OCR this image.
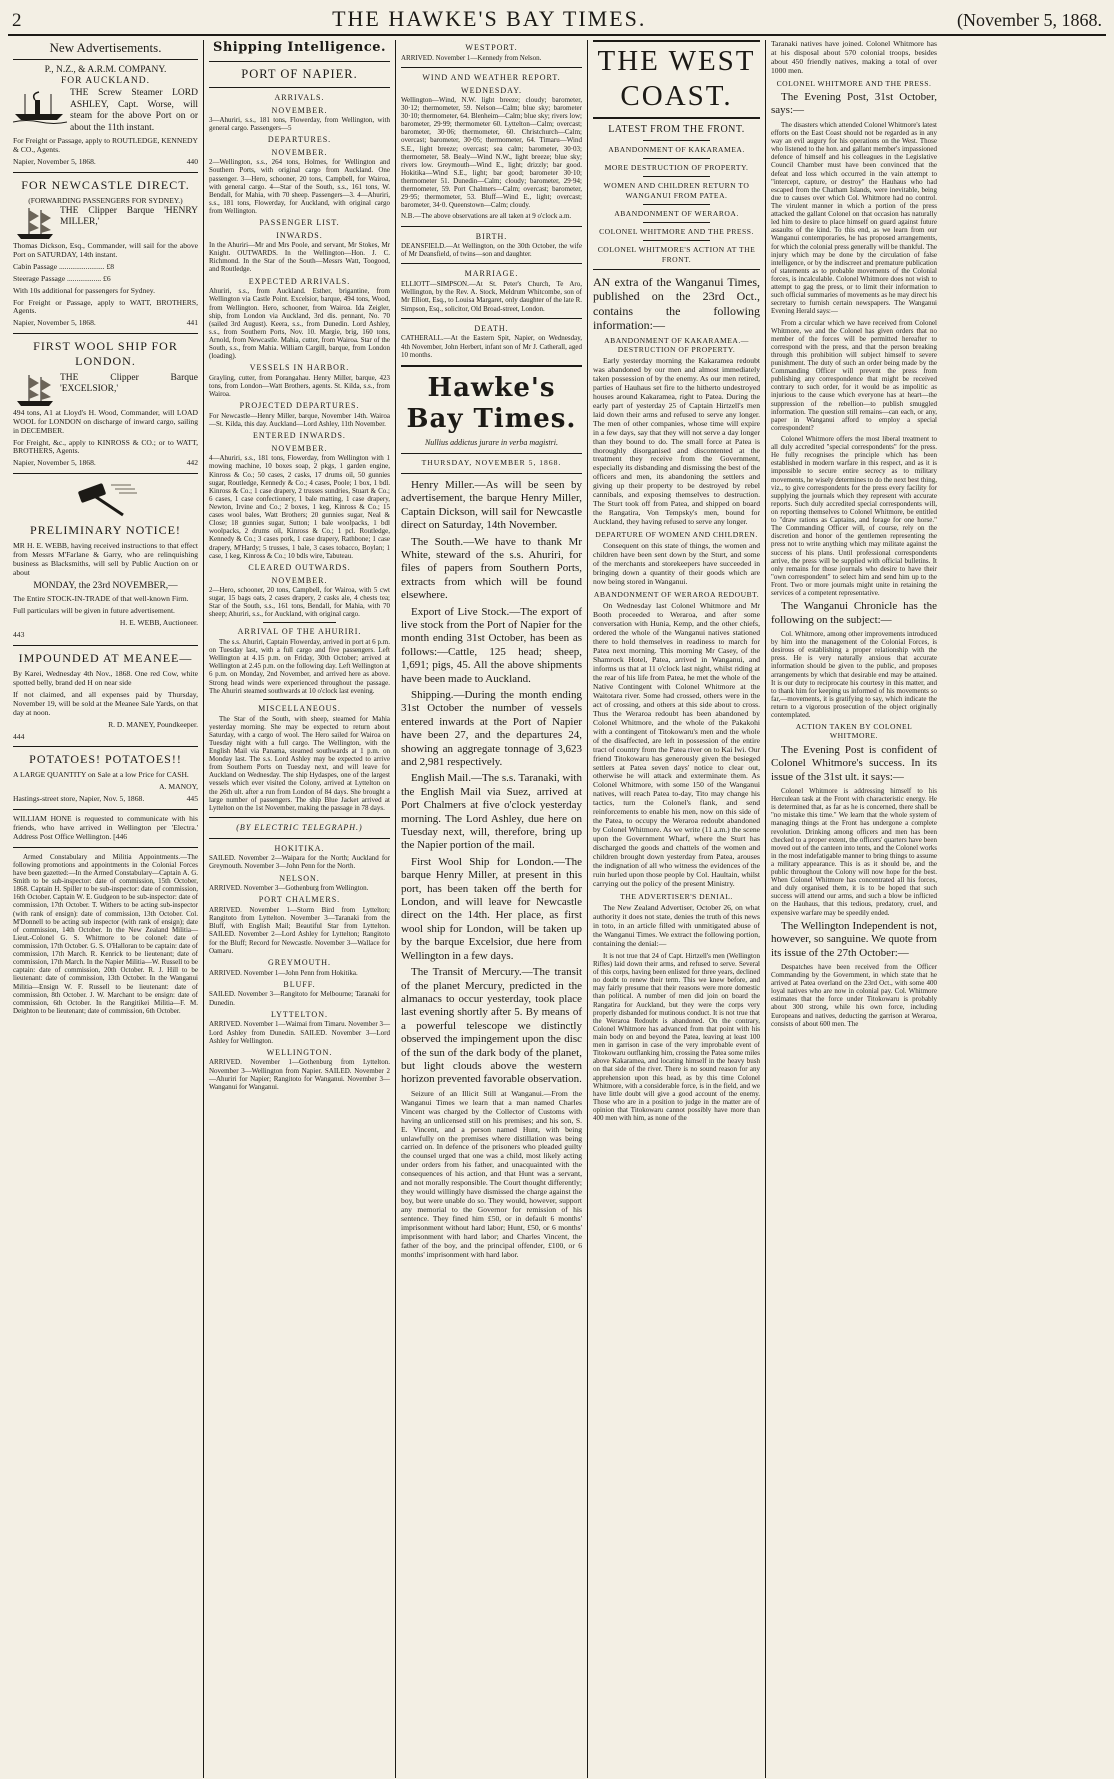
2	THE HAWKE'S BAY TIMES.	(November 5, 1868.
New Advertisements.
P., N.Z., & A.R.M. COMPANY.
FOR AUCKLAND.

THE Screw Steamer LORD ASHLEY, Capt. Worse, will steam for the above Port on or about the 11th instant.

For Freight or Passage, apply to ROUTLEDGE, KENNEDY & CO., Agents.

Napier, November 5, 1868.	440

FOR NEWCASTLE DIRECT.
(FORWARDING PASSENGERS FOR SYDNEY.)

THE Clipper Barque 'HENRY MILLER,'

Thomas Dickson, Esq., Commander, will sail for the above Port on SATURDAY, 14th instant.

Cabin Passage ........................ £8

Steerage Passage .................. £6

With 10s additional for passengers for Sydney.

For Freight or Passage, apply to WATT, BROTHERS, Agents.

Napier, November 5, 1868.	441

FIRST WOOL SHIP FOR LONDON.

THE Clipper Barque 'EXCELSIOR,'

494 tons, A1 at Lloyd's H. Wood, Commander, will LOAD WOOL for LONDON on discharge of inward cargo, sailing in DECEMBER.

For Freight, &c., apply to KINROSS & CO.; or to WATT, BROTHERS, Agents.

Napier, November 5, 1868.	442

PRELIMINARY NOTICE!

MR H. E. WEBB, having received instructions to that effect from Messrs M'Farlane & Garry, who are relinquishing business as Blacksmiths, will sell by Public Auction on or about

MONDAY, the 23rd NOVEMBER,—

The Entire STOCK-IN-TRADE of that well-known Firm.

Full particulars will be given in future advertisement.

H. E. WEBB, Auctioneer.

443

IMPOUNDED AT MEANEE—

By Karei, Wednesday 4th Nov., 1868. One red Cow, white spotted belly, brand ded H on near side

If not claimed, and all expenses paid by Thursday, November 19, will be sold at the Meanee Sale Yards, on that day at noon.

R. D. MANEY, Poundkeeper.

444

POTATOES! POTATOES!!

A LARGE QUANTITY on Sale at a low Price for CASH.

A. MANOY,

Hastings-street store, Napier, Nov. 5, 1868.	445

WILLIAM HONE is requested to communicate with his friends, who have arrived in Wellington per 'Electra.' Address Post Office Wellington. [446

Armed Constabulary and Militia Appointments.—The following promotions and appointments in the Colonial Forces have been gazetted:—In the Armed Constabulary—Captain A. G. Smith to be sub-inspector: date of commission, 15th October, 1868. Captain H. Spiller to be sub-inspector: date of commission, 16th October. Captain W. E. Gudgeon to be sub-inspector: date of commission, 17th October. T. Withers to be acting sub-inspector (with rank of ensign): date of commission, 13th October. Col. M'Donnell to be acting sub inspector (with rank of ensign); date of commission, 14th October. In the New Zealand Militia—Lieut.-Colonel G. S. Whitmore to be colonel: date of commission, 17th October. G. S. O'Halloran to be captain: date of commission, 17th March. R. Kenrick to be lieutenant; date of commission, 17th March. In the Napier Militia—W. Russell to be captain: date of commission, 20th October. R. J. Hill to be lieutenant: date of commission, 13th October. In the Wanganui Militia—Ensign W. F. Russell to be lieutenant: date of commission, 8th October. J. W. Marchant to be ensign: date of commission, 6th October. In the Rangitikei Militia—F. M. Deighton to be lieutenant; date of commission, 6th October.

Shipping Intelligence.
PORT OF NAPIER.
ARRIVALS.
NOVEMBER.

3—Ahuriri, s.s., 181 tons, Flowerday, from Wellington, with general cargo. Passengers—5

DEPARTURES.
NOVEMBER.

2—Wellington, s.s., 264 tons, Holmes, for Wellington and Southern Ports, with original cargo from Auckland. One passenger. 3—Hero, schooner, 20 tons, Campbell, for Wairoa, with general cargo. 4—Star of the South, s.s., 161 tons, W. Bendall, for Mahia, with 70 sheep. Passengers—3. 4—Ahuriri, s.s., 181 tons, Flowerday, for Auckland, with original cargo from Wellington.

PASSENGER LIST.
INWARDS.

In the Ahuriri—Mr and Mrs Poole, and servant, Mr Stokes, Mr Knight. OUTWARDS. In the Wellington—Hon. J. C. Richmond. In the Star of the South—Messrs Watt, Toogood, and Routledge.

EXPECTED ARRIVALS.

Ahuriri, s.s., from Auckland. Esther, brigantine, from Wellington via Castle Point. Excelsior, barque, 494 tons, Wood, from Wellington. Hero, schooner, from Wairoa. Ida Zeigler, ship, from London via Auckland, 3rd dis. pennant, No. 70 (sailed 3rd August). Keera, s.s., from Dunedin. Lord Ashley, s.s., from Southern Ports, Nov. 10. Margie, brig, 160 tons, Arnold, from Newcastle. Mahia, cutter, from Wairoa. Star of the South, s.s., from Mahia. William Cargill, barque, from London (loading).

VESSELS IN HARBOR.

Grayling, cutter, from Porangahau. Henry Miller, barque, 423 tons, from London—Watt Brothers, agents. St. Kilda, s.s., from Wairoa.

PROJECTED DEPARTURES.

For Newcastle—Henry Miller, barque, November 14th. Wairoa—St. Kilda, this day. Auckland—Lord Ashley, 11th November.

ENTERED INWARDS.
NOVEMBER.

4—Ahuriri, s.s., 181 tons, Flowerday, from Wellington with 1 mowing machine, 10 boxes soap, 2 pkgs, 1 garden engine, Kinross & Co.; 50 cases, 2 casks, 17 drums oil, 50 gunnies sugar, Routledge, Kennedy & Co.; 4 cases, Poole; 1 box, 1 bdl. Kinross & Co.; 1 case drapery, 2 trusses sundries, Stuart & Co.; 6 cases, 1 case confectionery, 1 bale matting, 1 case drapery, Newton, Irvine and Co.; 2 boxes, 1 keg, Kinross & Co.; 15 cases wool bales, Watt Brothers; 20 gunnies sugar, Neal & Close; 18 gunnies sugar, Sutton; 1 bale woolpacks, 1 bdl woolpacks, 2 drums oil, Kinross & Co.; 1 pcl. Routledge, Kennedy & Co.; 3 cases pork, 1 case drapery, Rathbone; 1 case drapery, M'Hardy; 5 trusses, 1 bale, 3 cases tobacco, Boylan; 1 case, 1 keg, Kinross & Co.; 10 bdls wire, Tabuteau.

CLEARED OUTWARDS.
NOVEMBER.

2—Hero, schooner, 20 tons, Campbell, for Wairoa, with 5 cwt sugar, 15 bags oats, 2 cases drapery, 2 casks ale, 4 chests tea; Star of the South, s.s., 161 tons, Bendall, for Mahia, with 70 sheep; Ahuriri, s.s., for Auckland, with original cargo.

ARRIVAL OF THE AHURIRI.

The s.s. Ahuriri, Captain Flowerday, arrived in port at 6 p.m. on Tuesday last, with a full cargo and five passengers. Left Wellington at 4.15 p.m. on Friday, 30th October; arrived at Wellington at 2.45 p.m. on the following day. Left Wellington at 6 p.m. on Monday, 2nd November, and arrived here as above. Strong head winds were experienced throughout the passage. The Ahuriri steamed southwards at 10 o'clock last evening.

MISCELLANEOUS.

The Star of the South, with sheep, steamed for Mahia yesterday morning. She may be expected to return about Saturday, with a cargo of wool. The Hero sailed for Wairoa on Tuesday night with a full cargo. The Wellington, with the English Mail via Panama, steamed southwards at 1 p.m. on Monday last. The s.s. Lord Ashley may be expected to arrive from Southern Ports on Tuesday next, and will leave for Auckland on Wednesday. The ship Hydaspes, one of the largest vessels which ever visited the Colony, arrived at Lyttelton on the 26th ult. after a run from London of 84 days. She brought a large number of passengers. The ship Blue Jacket arrived at Lyttelton on the 1st November, making the passage in 78 days.

(BY ELECTRIC TELEGRAPH.)
HOKITIKA.

SAILED. November 2—Waipara for the North; Auckland for Greymouth. November 3—John Penn for the North.

NELSON.

ARRIVED. November 3—Gothenburg from Wellington.

PORT CHALMERS.

ARRIVED. November 1—Storm Bird from Lyttelton; Rangitoto from Lyttelton. November 3—Taranaki from the Bluff, with English Mail; Beautiful Star from Lyttelton. SAILED. November 2—Lord Ashley for Lyttelton; Rangitoto for the Bluff; Record for Newcastle. November 3—Wallace for Oamaru.

GREYMOUTH.

ARRIVED. November 1—John Penn from Hokitika.

BLUFF.

SAILED. November 3—Rangitoto for Melbourne; Taranaki for Dunedin.

LYTTELTON.

ARRIVED. November 1—Waimai from Timaru. November 3—Lord Ashley from Dunedin. SAILED. November 3—Lord Ashley for Wellington.

WELLINGTON.

ARRIVED. November 1—Gothenburg from Lyttelton. November 3—Wellington from Napier. SAILED. November 2—Ahuriri for Napier; Rangitoto for Wanganui. November 3—Wanganui for Wanganui.

WESTPORT.

ARRIVED. November 1—Kennedy from Nelson.

WIND AND WEATHER REPORT.
WEDNESDAY.

Wellington—Wind, N.W. light breeze; cloudy; barometer, 30·12; thermometer, 59. Nelson—Calm; blue sky; barometer 30·10; thermometer, 64. Blenheim—Calm; blue sky; rivers low; barometer, 29·99; thermometer 60. Lyttelton—Calm; overcast; barometer, 30·06; thermometer, 60. Christchurch—Calm; overcast; barometer, 30·05; thermometer, 64. Timaru—Wind S.E., light breeze; overcast; sea calm; barometer, 30·03; thermometer, 58. Bealy—Wind N.W., light breeze; blue sky; rivers low. Greymouth—Wind E., light; drizzly; bar good. Hokitika—Wind S.E., light; bar good; barometer 30·10; thermometer 51. Dunedin—Calm; cloudy; barometer, 29·94; thermometer, 59. Port Chalmers—Calm; overcast; barometer, 29·95; thermometer, 53. Bluff—Wind E., light; overcast; barometer, 34·0. Queenstown—Calm; cloudy.

N.B.—The above observations are all taken at 9 o'clock a.m.

BIRTH.

DEANSFIELD.—At Wellington, on the 30th October, the wife of Mr Deansfield, of twins—son and daughter.

MARRIAGE.

ELLIOTT—SIMPSON.—At St. Peter's Church, Te Aro, Wellington, by the Rev. A. Stock, Meldrum Whitcombe, son of Mr Elliott, Esq., to Louisa Margaret, only daughter of the late R. Simpson, Esq., solicitor, Old Broad-street, London.

DEATH.

CATHERALL.—At the Eastern Spit, Napier, on Wednesday, 4th November, John Herbert, infant son of Mr J. Catherall, aged 10 months.

Hawke's Bay Times.
Nullius addictus jurare in verba magistri.
THURSDAY, NOVEMBER 5, 1868.

Henry Miller.—As will be seen by advertisement, the barque Henry Miller, Captain Dickson, will sail for Newcastle direct on Saturday, 14th November.

The South.—We have to thank Mr White, steward of the s.s. Ahuriri, for files of papers from Southern Ports, extracts from which will be found elsewhere.

Export of Live Stock.—The export of live stock from the Port of Napier for the month ending 31st October, has been as follows:—Cattle, 125 head; sheep, 1,691; pigs, 45. All the above shipments have been made to Auckland.

Shipping.—During the month ending 31st October the number of vessels entered inwards at the Port of Napier have been 27, and the departures 24, showing an aggregate tonnage of 3,623 and 2,981 respectively.

English Mail.—The s.s. Taranaki, with the English Mail via Suez, arrived at Port Chalmers at five o'clock yesterday morning. The Lord Ashley, due here on Tuesday next, will, therefore, bring up the Napier portion of the mail.

First Wool Ship for London.—The barque Henry Miller, at present in this port, has been taken off the berth for London, and will leave for Newcastle direct on the 14th. Her place, as first wool ship for London, will be taken up by the barque Excelsior, due here from Wellington in a few days.

The Transit of Mercury.—The transit of the planet Mercury, predicted in the almanacs to occur yesterday, took place last evening shortly after 5. By means of a powerful telescope we distinctly observed the impingement upon the disc of the sun of the dark body of the planet, but light clouds above the western horizon prevented favorable observation.

Seizure of an Illicit Still at Wanganui.—From the Wanganui Times we learn that a man named Charles Vincent was charged by the Collector of Customs with having an unlicensed still on his premises; and his son, S. E. Vincent, and a person named Hunt, with being unlawfully on the premises where distillation was being carried on. In defence of the prisoners who pleaded guilty the counsel urged that one was a child, most likely acting under orders from his father, and unacquainted with the consequences of his action, and that Hunt was a servant, and not morally responsible. The Court thought differently; they would willingly have dismissed the charge against the boy, but were unable do so. They would, however, support any memorial to the Governor for remission of his sentence. They fined him £50, or in default 6 months' imprisonment without hard labor; Hunt, £50, or 6 months' imprisonment with hard labor; and Charles Vincent, the father of the boy, and the principal offender, £100, or 6 months' imprisonment with hard labor.

THE WEST COAST.
LATEST FROM THE FRONT.
ABANDONMENT OF KAKARAMEA.
MORE DESTRUCTION OF PROPERTY.
WOMEN AND CHILDREN RETURN TO WANGANUI FROM PATEA.
ABANDONMENT OF WERAROA.
COLONEL WHITMORE AND THE PRESS.
COLONEL WHITMORE'S ACTION AT THE FRONT.

AN extra of the Wanganui Times, published on the 23rd Oct., contains the following information:—

ABANDONMENT OF KAKARAMEA.—DESTRUCTION OF PROPERTY.

Early yesterday morning the Kakaramea redoubt was abandoned by our men and almost immediately taken possession of by the enemy. As our men retired, parties of Hauhaus set fire to the hitherto undestroyed houses around Kakaramea, right to Patea. During the early part of yesterday 25 of Captain Hirtzell's men laid down their arms and refused to serve any longer. The men of other companies, whose time will expire in a few days, say that they will not serve a day longer than they bound to do. The small force at Patea is thoroughly disorganised and discontented at the treatment they receive from the Government, especially its disbanding and dismissing the best of the officers and men, its abandoning the settlers and giving up their property to be destroyed by rebel cannibals, and exposing themselves to destruction. The Sturt took off from Patea, and shipped on board the Rangatira, Von Tempsky's men, bound for Auckland, they having refused to serve any longer.

DEPARTURE OF WOMEN AND CHILDREN.

Consequent on this state of things, the women and children have been sent down by the Sturt, and some of the merchants and storekeepers have succeeded in bringing down a quantity of their goods which are now being stored in Wanganui.

ABANDONMENT OF WERAROA REDOUBT.

On Wednesday last Colonel Whitmore and Mr Booth proceeded to Weraroa, and after some conversation with Hunia, Kemp, and the other chiefs, ordered the whole of the Wanganui natives stationed there to hold themselves in readiness to march for Patea next morning. This morning Mr Casey, of the Shamrock Hotel, Patea, arrived in Wanganui, and informs us that at 11 o'clock last night, whilst riding at the rear of his life from Patea, he met the whole of the Native Contingent with Colonel Whitmore at the Waitotara river. Some had crossed, others were in the act of crossing, and others at this side about to cross. Thus the Weraroa redoubt has been abandoned by Colonel Whitmore, and the whole of the Pakakohi with a contingent of Titokowaru's men and the whole of the disaffected, are left in possession of the entire tract of country from the Patea river on to Kai Iwi. Our friend Titokowaru has generously given the besieged settlers at Patea seven days' notice to clear out, otherwise he will attack and exterminate them. As Colonel Whitmore, with some 150 of the Wanganui natives, will reach Patea to-day, Tito may change his tactics, turn the Colonel's flank, and send reinforcements to enable his men, now on this side of the Patea, to occupy the Weraroa redoubt abandoned by Colonel Whitmore. As we write (11 a.m.) the scene upon the Government Wharf, where the Sturt has discharged the goods and chattels of the women and children brought down yesterday from Patea, arouses the indignation of all who witness the evidences of the ruin hurled upon those people by Col. Haultain, whilst carrying out the policy of the present Ministry.

THE ADVERTISER'S DENIAL.

The New Zealand Advertiser, October 26, on what authority it does not state, denies the truth of this news in toto, in an article filled with unmitigated abuse of the Wanganui Times. We extract the following portion, containing the denial:—

It is not true that 24 of Capt. Hirtzell's men (Wellington Rifles) laid down their arms, and refused to serve. Several of this corps, having been enlisted for three years, declined no doubt to renew their term. This we knew before, and may fairly presume that their reasons were more domestic than political. A number of men did join on board the Rangatira for Auckland, but they were the corps very properly disbanded for mutinous conduct. It is not true that the Weraroa Redoubt is abandoned. On the contrary, Colonel Whitmore has advanced from that point with his main body on and beyond the Patea, leaving at least 100 men in garrison in case of the very improbable event of Titokowaru outflanking him, crossing the Patea some miles above Kakaramea, and locating himself in the heavy bush on that side of the river. There is no sound reason for any apprehension upon this head, as by this time Colonel Whitmore, with a considerable force, is in the field, and we have little doubt will give a good account of the enemy. Those who are in a position to judge in the matter are of opinion that Titokowaru cannot possibly have more than 400 men with him, as none of the

Taranaki natives have joined. Colonel Whitmore has at his disposal about 570 colonial troops, besides about 450 friendly natives, making a total of over 1000 men.

COLONEL WHITMORE AND THE PRESS.

The Evening Post, 31st October, says:—

The disasters which attended Colonel Whitmore's latest efforts on the East Coast should not be regarded as in any way an evil augury for his operations on the West. Those who listened to the hon. and gallant member's impassioned defence of himself and his colleagues in the Legislative Council Chamber must have been convinced that the defeat and loss which occurred in the vain attempt to "intercept, capture, or destroy" the Hauhaus who had escaped from the Chatham Islands, were inevitable, being due to causes over which Col. Whitmore had no control. The virulent manner in which a portion of the press attacked the gallant Colonel on that occasion has naturally led him to desire to place himself on guard against future assaults of the kind. To this end, as we learn from our Wanganui contemporaries, he has proposed arrangements, for which the colonial press generally will be thankful. The injury which may be done by the circulation of false intelligence, or by the indiscreet and premature publication of statements as to probable movements of the Colonial forces, is incalculable. Colonel Whitmore does not wish to attempt to gag the press, or to limit their information to such official summaries of movements as he may direct his secretary to furnish certain newspapers. The Wanganui Evening Herald says:—

From a circular which we have received from Colonel Whitmore, we and the Colonel has given orders that no member of the forces will be permitted hereafter to correspond with the press, and that the person breaking through this prohibition will subject himself to severe punishment. The duty of such an order being made by the Commanding Officer will prevent the press from publishing any correspondence that might be received contrary to such order, for it would be as impolitic as injurious to the cause which everyone has at heart—the suppression of the rebellion—to publish smuggled information. The question still remains—can each, or any, paper in Wanganui afford to employ a special correspondent?

Colonel Whitmore offers the most liberal treatment to all duly accredited "special correspondents" for the press. He fully recognises the principle which has been established in modern warfare in this respect, and as it is impossible to secure entire secrecy as to military movements, he wisely determines to do the next best thing, viz., to give correspondents for the press every facility for supplying the journals which they represent with accurate reports. Such duly accredited special correspondents will, on reporting themselves to Colonel Whitmore, be entitled to "draw rations as Captains, and forage for one horse." The Commanding Officer will, of course, rely on the discretion and honor of the gentlemen representing the press not to write anything which may militate against the success of his plans. Until professional correspondents arrive, the press will be supplied with official bulletins. It only remains for those journals who desire to have their "own correspondent" to select him and send him up to the Front. Two or more journals might unite in retaining the services of a competent representative.

The Wanganui Chronicle has the following on the subject:—

Col. Whitmore, among other improvements introduced by him into the management of the Colonial Forces, is desirous of establishing a proper relationship with the press. He is very naturally anxious that accurate information should be given to the public, and proposes arrangements by which that desirable end may be attained. It is our duty to reciprocate his courtesy in this matter, and to thank him for keeping us informed of his movements so far,—movements, it is gratifying to say, which indicate the return to a vigorous prosecution of the object originally contemplated.

ACTION TAKEN BY COLONEL WHITMORE.

The Evening Post is confident of Colonel Whitmore's success. In its issue of the 31st ult. it says:—

Colonel Whitmore is addressing himself to his Herculean task at the Front with characteristic energy. He is determined that, as far as he is concerned, there shall be "no mistake this time." We learn that the whole system of managing things at the Front has undergone a complete revolution. Drinking among officers and men has been checked to a proper extent, the officers' quarters have been moved out of the canteen into tents, and the Colonel works in the most indefatigable manner to bring things to assume a military appearance. This is as it should be, and the public throughout the Colony will now hope for the best. When Colonel Whitmore has concentrated all his forces, and duly organised them, it is to be hoped that such success will attend our arms, and such a blow be inflicted on the Hauhaus, that this tedious, predatory, cruel, and expensive warfare may be speedily ended.

The Wellington Independent is not, however, so sanguine. We quote from its issue of the 27th October:—

Despatches have been received from the Officer Commanding by the Government, in which state that he arrived at Patea overland on the 23rd Oct., with some 400 loyal natives who are now in colonial pay. Col. Whitmore estimates that the force under Titokowaru is probably about 300 strong, while his own force, including Europeans and natives, deducting the garrison at Weraroa, consists of about 600 men. The
